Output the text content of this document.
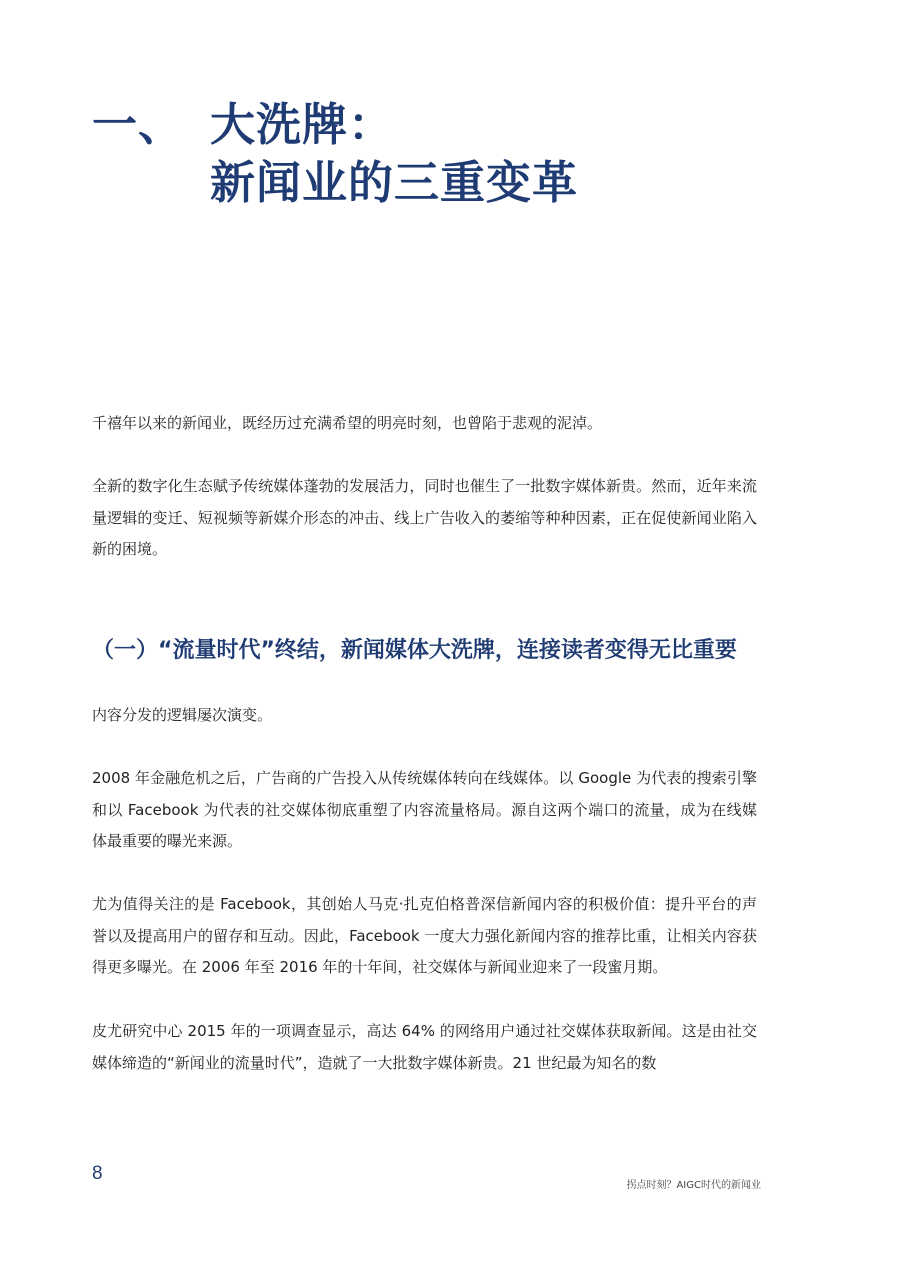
一、 大洗牌：
新闻业的三重变革

千禧年以来的新闻业，既经历过充满希望的明亮时刻，也曾陷于悲观的泥淖。

全新的数字化生态赋予传统媒体蓬勃的发展活力，同时也催生了一批数字媒体新贵。然而，近年来流量逻辑的变迁、短视频等新媒介形态的冲击、线上广告收入的萎缩等种种因素，正在促使新闻业陷入新的困境。

（一）“流量时代”终结，新闻媒体大洗牌，连接读者变得无比重要

内容分发的逻辑屡次演变。

2008 年金融危机之后，广告商的广告投入从传统媒体转向在线媒体。以 Google 为代表的搜索引擎和以 Facebook 为代表的社交媒体彻底重塑了内容流量格局。源自这两个端口的流量，成为在线媒体最重要的曝光来源。

尤为值得关注的是 Facebook，其创始人马克·扎克伯格普深信新闻内容的积极价值：提升平台的声誉以及提高用户的留存和互动。因此，Facebook 一度大力强化新闻内容的推荐比重，让相关内容获得更多曝光。在 2006 年至 2016 年的十年间，社交媒体与新闻业迎来了一段蜜月期。

皮尤研究中心 2015 年的一项调查显示，高达 64% 的网络用户通过社交媒体获取新闻。这是由社交媒体缔造的“新闻业的流量时代”，造就了一大批数字媒体新贵。21 世纪最为知名的数

8
拐点时刻？AIGC时代的新闻业
